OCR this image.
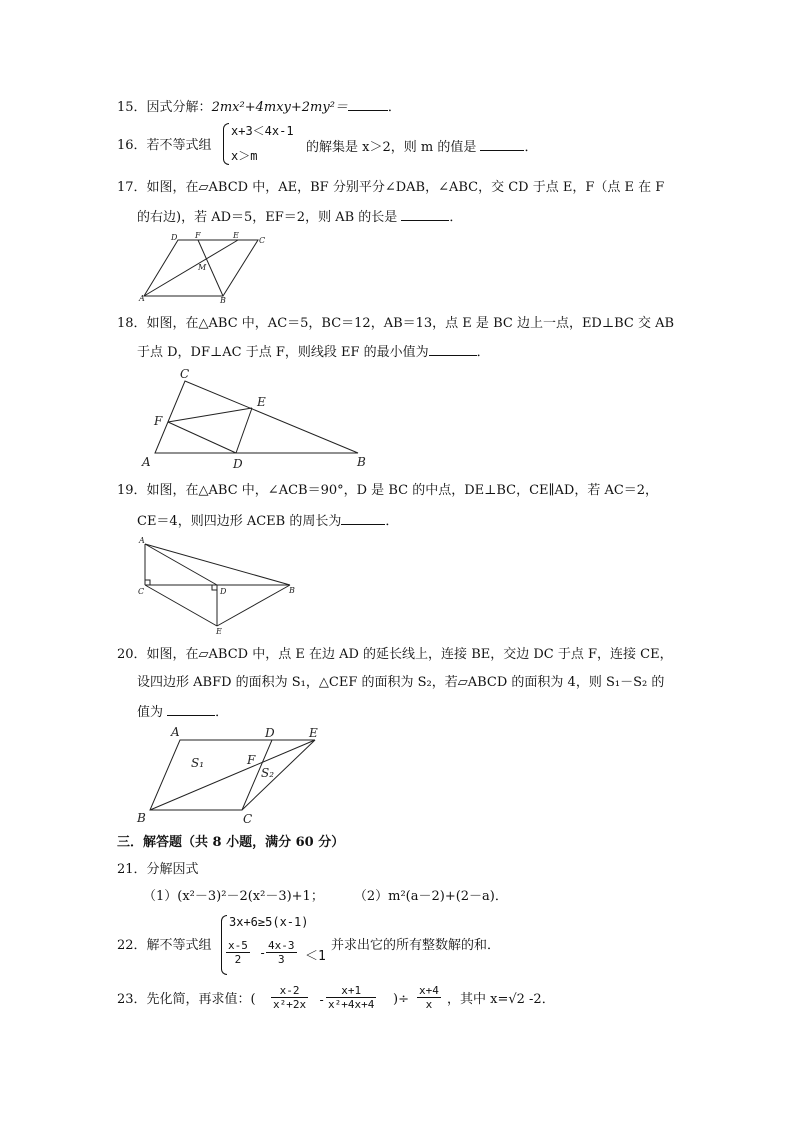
15．因式分解：2mx²+4mxy+2my²＝	．
16．若不等式组
x+3＜4x-1
x＞m
的解集是 x＞2，则 m 的值是	．
17．如图，在▱ABCD 中，AE，BF 分别平分∠DAB，∠ABC，交 CD 于点 E，F（点 E 在 F
的右边)，若 AD＝5，EF＝2，则 AB 的长是	．
D F	E
C
M
A	B
C
E
F
A	D	B
A
C	D	B
E
A	D	E
S₁	F
S₂
B	C
18．如图，在△ABC 中，AC＝5，BC＝12，AB＝13，点 E 是 BC 边上一点，ED⊥BC 交 AB
于点 D，DF⊥AC 于点 F，则线段 EF 的最小值为	．
19．如图，在△ABC 中，∠ACB＝90°，D 是 BC 的中点，DE⊥BC，CE∥AD，若 AC＝2，
CE＝4，则四边形 ACEB 的周长为	．
20．如图，在▱ABCD 中，点 E 在边 AD 的延长线上，连接 BE，交边 DC 于点 F，连接 CE，
设四边形 ABFD 的面积为 S₁，△CEF 的面积为 S₂，若▱ABCD 的面积为 4，则 S₁－S₂ 的
值为	．
三．解答题（共 8 小题，满分 60 分）
21．分解因式
（1）(x²－3)²－2(x²－3)+1； （2）m²(a－2)+(2－a)．
22．解不等式组
3x+6≥5(x-1)
$\frac{x-5}{2} - \frac{4x-3}{3} <1$
并求出它的所有整数解的和．
23．先化简，再求值：( $\frac{x-2}{\text{x²+2x}} - \frac{x+1}{\text{x²+4x+4}}$ )÷ $\frac{x+4}{x}$ ，其中 x=√2 -2．
